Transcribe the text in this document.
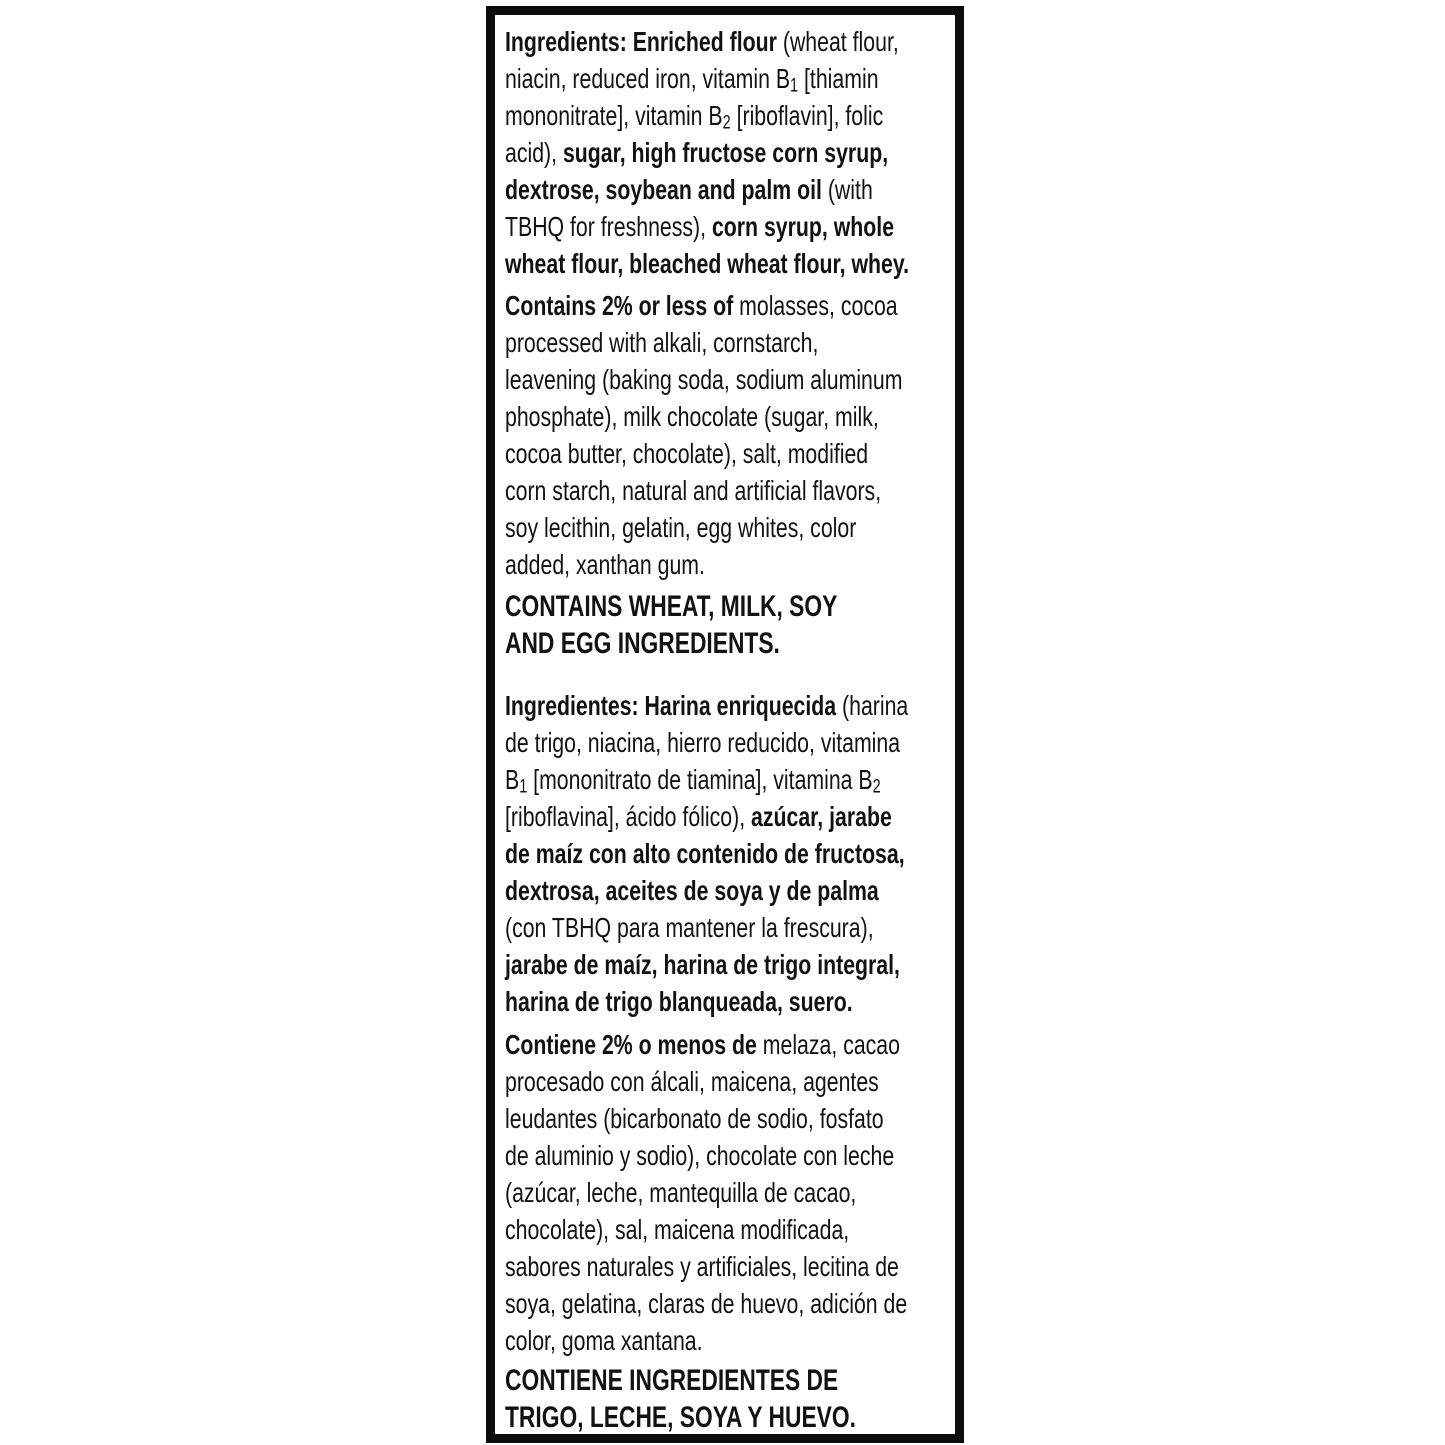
Ingredients: Enriched flour (wheat flour,
niacin, reduced iron, vitamin B1 [thiamin
mononitrate], vitamin B2 [riboflavin], folic
acid), sugar, high fructose corn syrup,
dextrose, soybean and palm oil (with
TBHQ for freshness), corn syrup, whole
wheat flour, bleached wheat flour, whey.
Contains 2% or less of molasses, cocoa
processed with alkali, cornstarch,
leavening (baking soda, sodium aluminum
phosphate), milk chocolate (sugar, milk,
cocoa butter, chocolate), salt, modified
corn starch, natural and artificial flavors,
soy lecithin, gelatin, egg whites, color
added, xanthan gum.
CONTAINS WHEAT, MILK, SOY
AND EGG INGREDIENTS.
Ingredientes: Harina enriquecida (harina
de trigo, niacina, hierro reducido, vitamina
B1 [mononitrato de tiamina], vitamina B2
[riboflavina], ácido fólico), azúcar, jarabe
de maíz con alto contenido de fructosa,
dextrosa, aceites de soya y de palma
(con TBHQ para mantener la frescura),
jarabe de maíz, harina de trigo integral,
harina de trigo blanqueada, suero.
Contiene 2% o menos de melaza, cacao
procesado con álcali, maicena, agentes
leudantes (bicarbonato de sodio, fosfato
de aluminio y sodio), chocolate con leche
(azúcar, leche, mantequilla de cacao,
chocolate), sal, maicena modificada,
sabores naturales y artificiales, lecitina de
soya, gelatina, claras de huevo, adición de
color, goma xantana.
CONTIENE INGREDIENTES DE
TRIGO, LECHE, SOYA Y HUEVO.
